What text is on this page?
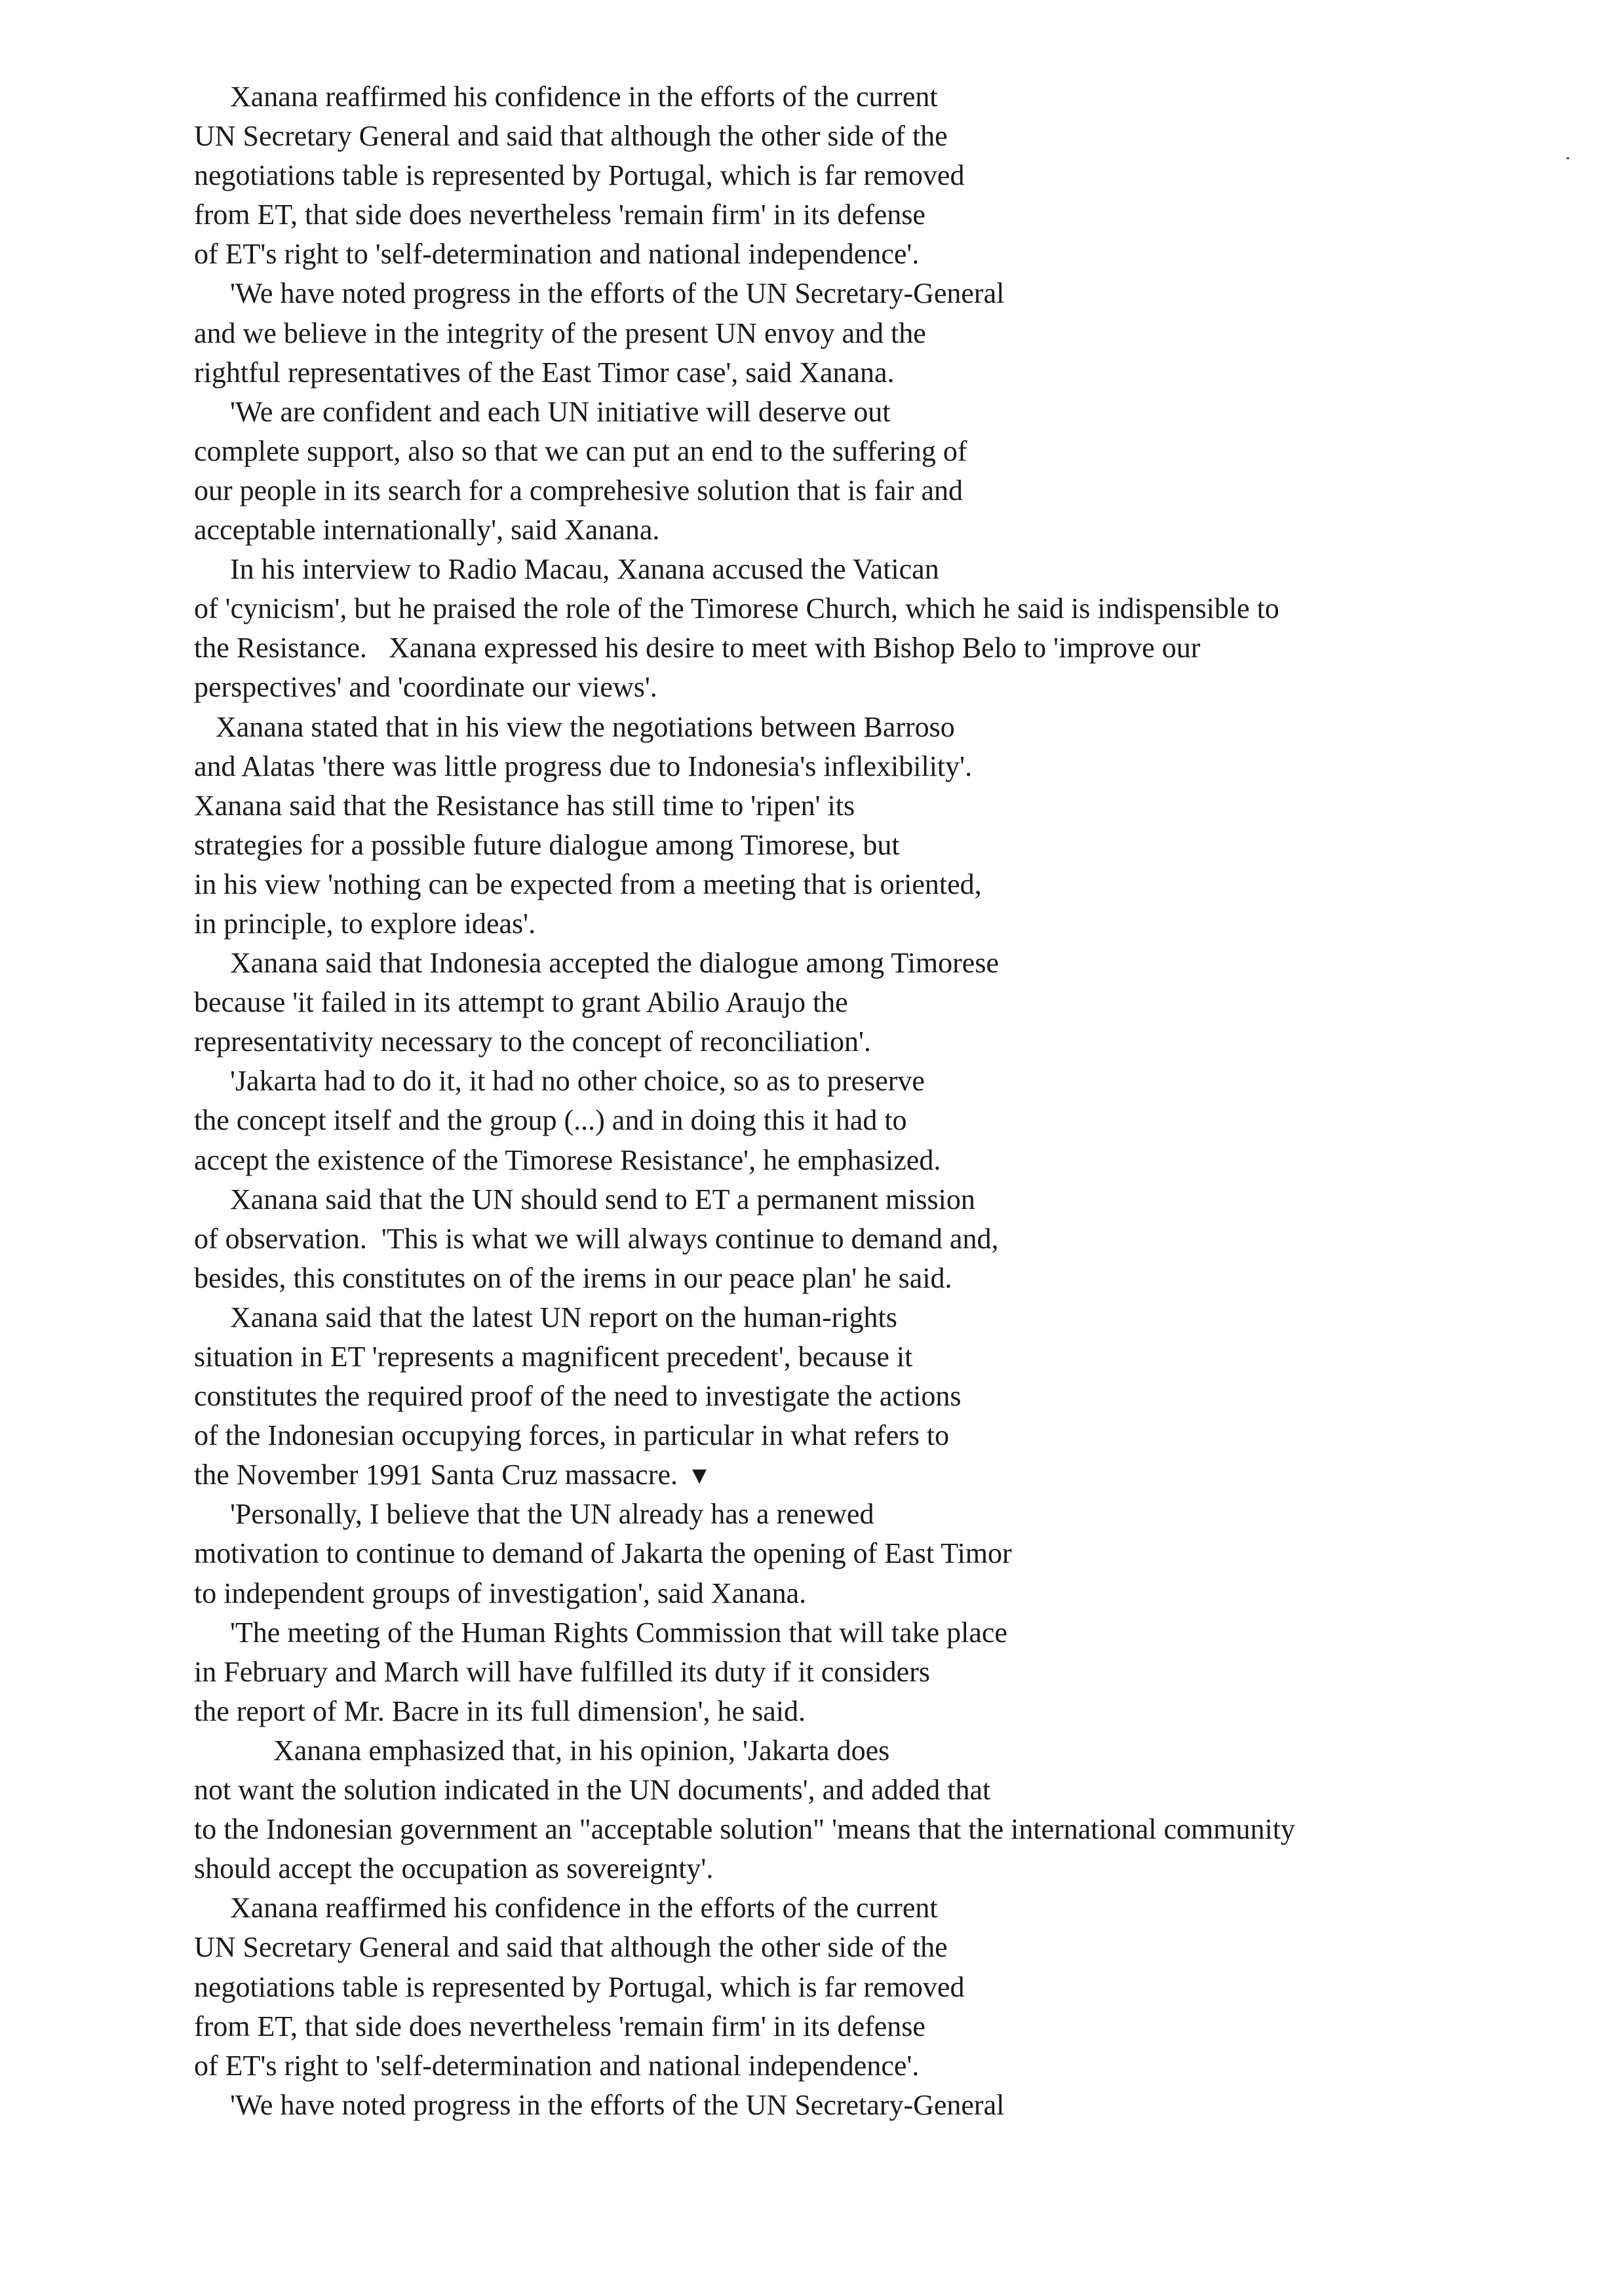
Xanana reaffirmed his confidence in the efforts of the current
UN Secretary General and said that although the other side of the
negotiations table is represented by Portugal, which is far removed
from ET, that side does nevertheless 'remain firm' in its defense
of ET's right to 'self-determination and national independence'.
'We have noted progress in the efforts of the UN Secretary-General
and we believe in the integrity of the present UN envoy and the
rightful representatives of the East Timor case', said Xanana.
'We are confident and each UN initiative will deserve out
complete support, also so that we can put an end to the suffering of
our people in its search for a comprehesive solution that is fair and
acceptable internationally', said Xanana.
In his interview to Radio Macau, Xanana accused the Vatican
of 'cynicism', but he praised the role of the Timorese Church, which he said is indispensible to
the Resistance.   Xanana expressed his desire to meet with Bishop Belo to 'improve our
perspectives' and 'coordinate our views'.
Xanana stated that in his view the negotiations between Barroso
and Alatas 'there was little progress due to Indonesia's inflexibility'.
Xanana said that the Resistance has still time to 'ripen' its
strategies for a possible future dialogue among Timorese, but
in his view 'nothing can be expected from a meeting that is oriented,
in principle, to explore ideas'.
Xanana said that Indonesia accepted the dialogue among Timorese
because 'it failed in its attempt to grant Abilio Araujo the
representativity necessary to the concept of reconciliation'.
'Jakarta had to do it, it had no other choice, so as to preserve
the concept itself and the group (...) and in doing this it had to
accept the existence of the Timorese Resistance', he emphasized.
Xanana said that the UN should send to ET a permanent mission
of observation.  'This is what we will always continue to demand and,
besides, this constitutes on of the irems in our peace plan' he said.
Xanana said that the latest UN report on the human-rights
situation in ET 'represents a magnificent precedent', because it
constitutes the required proof of the need to investigate the actions
of the Indonesian occupying forces, in particular in what refers to
the November 1991 Santa Cruz massacre.  ▾
'Personally, I believe that the UN already has a renewed
motivation to continue to demand of Jakarta the opening of East Timor
to independent groups of investigation', said Xanana.
'The meeting of the Human Rights Commission that will take place
in February and March will have fulfilled its duty if it considers
the report of Mr. Bacre in its full dimension', he said.
Xanana emphasized that, in his opinion, 'Jakarta does
not want the solution indicated in the UN documents', and added that
to the Indonesian government an "acceptable solution" 'means that the international community
should accept the occupation as sovereignty'.
Xanana reaffirmed his confidence in the efforts of the current
UN Secretary General and said that although the other side of the
negotiations table is represented by Portugal, which is far removed
from ET, that side does nevertheless 'remain firm' in its defense
of ET's right to 'self-determination and national independence'.
'We have noted progress in the efforts of the UN Secretary-General
